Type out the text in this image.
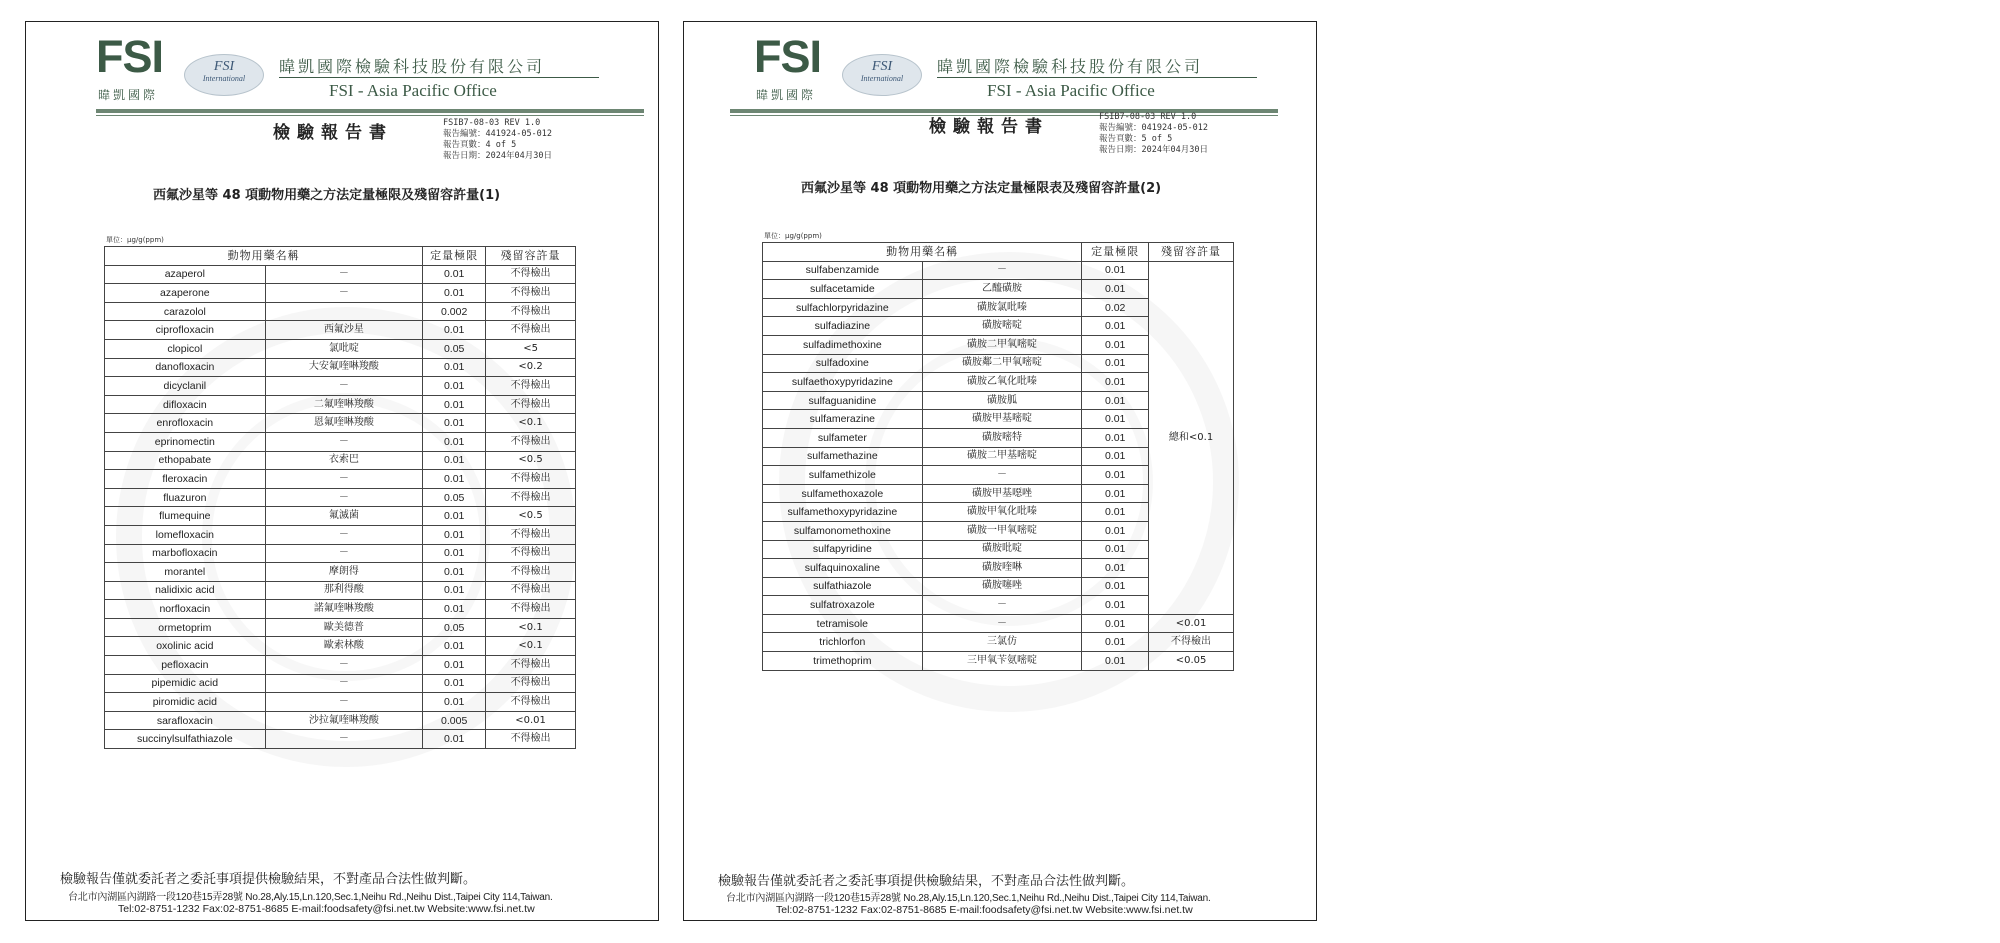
FSI
暐凱國際
FSI
International
暐凱國際檢驗科技股份有限公司
FSI - Asia Pacific Office
檢驗報告書	FSIB7-08-03 REV 1.0
報告編號：441924-05-012
報告頁數：4 of 5
報告日期：2024年04月30日
西氟沙星等 48 項動物用藥之方法定量極限及殘留容許量(1)
單位：μg/g(ppm)
動物用藥名稱		定量極限	殘留容許量
azaperol	－	0.01	不得檢出
azaperone	－	0.01	不得檢出
carazolol		0.002	不得檢出
ciprofloxacin	西氟沙星	0.01	不得檢出
clopicol	氯吡啶	0.05	<5
danofloxacin	大安氟喹啉羧酸	0.01	<0.2
dicyclanil	－	0.01	不得檢出
difloxacin	二氟喹啉羧酸	0.01	不得檢出
enrofloxacin	恩氟喹啉羧酸	0.01	<0.1
eprinomectin	－	0.01	不得檢出
ethopabate	衣索巴	0.01	<0.5
fleroxacin	－	0.01	不得檢出
fluazuron	－	0.05	不得檢出
flumequine	氟滅菌	0.01	<0.5
lomefloxacin	－	0.01	不得檢出
marbofloxacin	－	0.01	不得檢出
morantel	摩朗得	0.01	不得檢出
nalidixic acid	那利得酸	0.01	不得檢出
norfloxacin	諾氟喹啉羧酸	0.01	不得檢出
ormetoprim	歐美德普	0.05	<0.1
oxolinic acid	歐索林酸	0.01	<0.1
pefloxacin	－	0.01	不得檢出
pipemidic acid	－	0.01	不得檢出
piromidic acid	－	0.01	不得檢出
sarafloxacin	沙拉氟喹啉羧酸	0.005	<0.01
succinylsulfathiazole	－	0.01	不得檢出
檢驗報告僅就委託者之委託事項提供檢驗結果，不對產品合法性做判斷。
台北市內湖區內湖路一段120巷15弄28號 No.28,Aly.15,Ln.120,Sec.1,Neihu Rd.,Neihu Dist.,Taipei City 114,Taiwan.
Tel:02-8751-1232 Fax:02-8751-8685 E-mail:foodsafety@fsi.net.tw Website:www.fsi.net.tw
FSI
暐凱國際
FSI
International
暐凱國際檢驗科技股份有限公司
FSI - Asia Pacific Office
檢驗報告書	FSIB7-08-03 REV 1.0
報告編號：041924-05-012
報告頁數：5 of 5
報告日期：2024年04月30日
西氟沙星等 48 項動物用藥之方法定量極限表及殘留容許量(2)
單位：μg/g(ppm)
動物用藥名稱		定量極限	殘留容許量
sulfabenzamide	－	0.01	總和<0.1
sulfacetamide	乙醯磺胺	0.01	
sulfachlorpyridazine	磺胺氯吡嗪	0.02	
sulfadiazine	磺胺嘧啶	0.01	
sulfadimethoxine	磺胺二甲氧嘧啶	0.01	
sulfadoxine	磺胺鄰二甲氧嘧啶	0.01	
sulfaethoxypyridazine	磺胺乙氧化吡嗪	0.01	
sulfaguanidine	磺胺胍	0.01	
sulfamerazine	磺胺甲基嘧啶	0.01	
sulfameter	磺胺嘧特	0.01	
sulfamethazine	磺胺二甲基嘧啶	0.01	
sulfamethizole	－	0.01	
sulfamethoxazole	磺胺甲基噁唑	0.01	
sulfamethoxypyridazine	磺胺甲氧化吡嗪	0.01	
sulfamonomethoxine	磺胺一甲氧嘧啶	0.01	
sulfapyridine	磺胺吡啶	0.01	
sulfaquinoxaline	磺胺喹啉	0.01	
sulfathiazole	磺胺噻唑	0.01	
sulfatroxazole	－	0.01	
tetramisole	－	0.01	<0.01
trichlorfon	三氯仿	0.01	不得檢出
trimethoprim	三甲氧苄氨嘧啶	0.01	<0.05
檢驗報告僅就委託者之委託事項提供檢驗結果，不對產品合法性做判斷。
台北市內湖區內湖路一段120巷15弄28號 No.28,Aly.15,Ln.120,Sec.1,Neihu Rd.,Neihu Dist.,Taipei City 114,Taiwan.
Tel:02-8751-1232 Fax:02-8751-8685 E-mail:foodsafety@fsi.net.tw Website:www.fsi.net.tw
